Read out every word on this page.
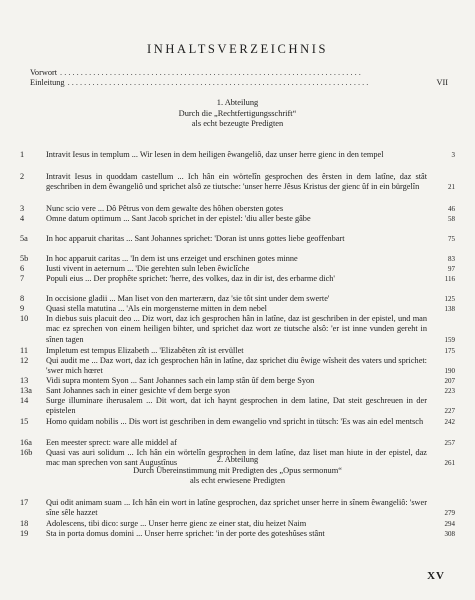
INHALTSVERZEICHNIS
Vorwort . . . . . . . . . . . . . . . . . . . . . . . . . . . . . . . . . . . . . . . . . . . . . . . . . . . . . . . . . . . . . . . . . . . . . . . . .
Einleitung . . . . . . . . . . . . . . . . . . . . . . . . . . . . . . . . . . . . . . . . . . . . . . . . . . . . . . . . . . . . . . . . . . . . . . . . .	VII
1. Abteilung
Durch die „Rechtfertigungsschrift“
als echt bezeugte Predigten
1	Intravit Iesus in templum ... Wir lesen in dem heiligen êwangeliô, daz unser herre gienc in den tempel	3
2	Intravit Iesus in quoddam castellum ... Ich hân ein wörtelîn gesprochen des êrsten in dem latîne, daz stât geschriben in dem êwangeliô und sprichet alsô ze tiutsche: 'unser herre Jêsus Kristus der gienc ûf in ein bürgelîn	21
3	Nunc scio vere ... Dô Pêtrus von dem gewalte des hôhen obersten gotes	46
4	Omne datum optimum ... Sant Jacob sprichet in der epistel: 'diu aller beste gâbe	58
5a	In hoc apparuit charitas ... Sant Johannes sprichet: 'Doran ist unns gottes liebe geoffenbart	75
5b	In hoc apparuit caritas ... 'In dem ist uns erzeiget und erschinen gotes minne	83
6	Iusti vivent in aeternum ... 'Die gerehten suln leben êwiclîche	97
7	Populi eius ... Der prophête sprichet: 'herre, des volkes, daz in dir ist, des erbarme dich'	116
8	In occisione gladii ... Man liset von den marterærn, daz 'sie tôt sint under dem swerte'	125
9	Quasi stella matutina ... 'Als ein morgensterne mitten in dem nebel	138
10	In diebus suis placuit deo ... Diz wort, daz ich gesprochen hân in latîne, daz ist geschriben in der epistel, und man mac ez sprechen von einem heiligen bihter, und sprichet daz wort ze tiutsche alsô: 'er ist inne vunden gereht in sînen tagen	159
11	Impletum est tempus Elizabeth ... 'Elizabêten zît ist ervüllet	175
12	Qui audit me ... Daz wort, daz ich gesprochen hân in latîne, daz sprichet diu êwige wîsheit des vaters und sprichet: 'swer mich hœret	190
13	Vidi supra montem Syon ... Sant Johannes sach ein lamp stân ûf dem berge Syon	207
13a	Sant Johannes sach in einer gesichte vf dem berge syon	223
14	Surge illuminare iherusalem ... Dit wort, dat ich haynt gesprochen in dem latine, Dat steit geschreuen in der epistelen	227
15	Homo quidam nobilis ... Dis wort ist geschriben in dem ewangelio vnd spricht in tütsch: 'Es was ain edel mentsch	242
16a	Een meester sprect: ware alle middel af	257
16b	Quasi vas auri solidum ... Ich hân ein wörtelîn gesprochen in dem latîne, daz liset man hiute in der epistel, daz mac man sprechen von sant Augustînus	261
2. Abteilung
Durch Übereinstimmung mit Predigten des „Opus sermonum“
als echt erwiesene Predigten
17	Qui odit animam suam ... Ich hân ein wort in latîne gesprochen, daz sprichet unser herre in sînem êwangeliô: 'swer sîne sêle hazzet	279
18	Adolescens, tibi dico: surge ... Unser herre gienc ze einer stat, diu heizet Naim	294
19	Sta in porta domus domini ... Unser herre sprichet: 'in der porte des goteshûses stânt	308
XV
